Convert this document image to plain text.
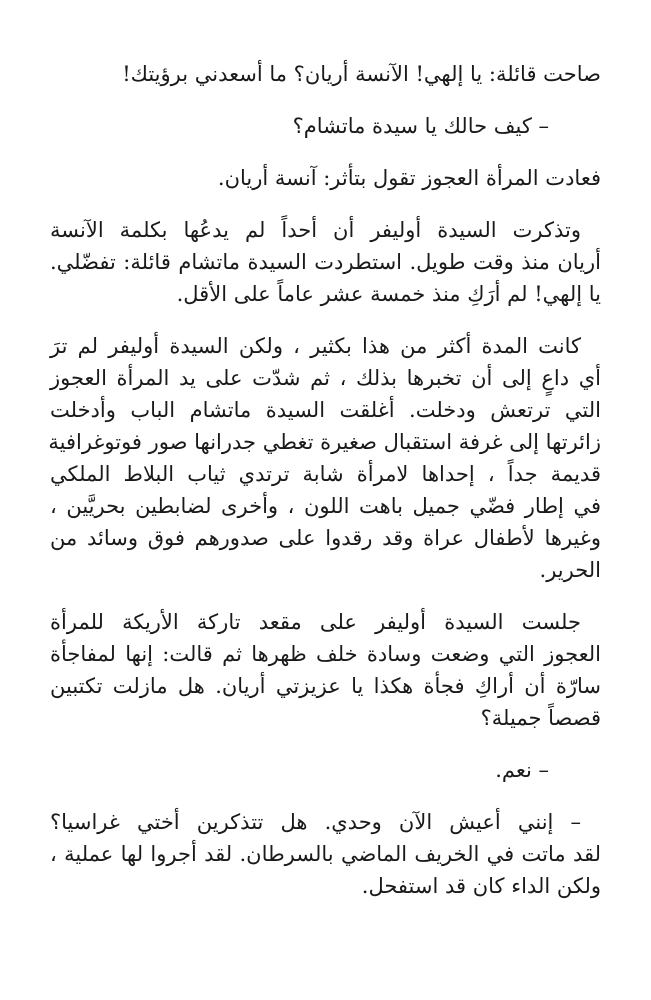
صاحت قائلة: يا إلهي! الآنسة أريان؟ ما أسعدني برؤيتك!

– كيف حالك يا سيدة ماتشام؟

فعادت المرأة العجوز تقول بتأثر: آنسة أريان.

وتذكرت السيدة أوليفر أن أحداً لم يدعُها بكلمة الآنسة
أريان منذ وقت طويل. استطردت السيدة ماتشام قائلة: تفضّلي.
يا إلهي! لم أرَكِ منذ خمسة عشر عاماً على الأقل.

كانت المدة أكثر من هذا بكثير ، ولكن السيدة أوليفر لم ترَ
أي داعٍ إلى أن تخبرها بذلك ، ثم شدّت على يد المرأة العجوز
التي ترتعش ودخلت. أغلقت السيدة ماتشام الباب وأدخلت
زائرتها إلى غرفة استقبال صغيرة تغطي جدرانها صور فوتوغرافية
قديمة جداً ، إحداها لامرأة شابة ترتدي ثياب البلاط الملكي
في إطار فضّي جميل باهت اللون ، وأخرى لضابطين بحريَّين ،
وغيرها لأطفال عراة وقد رقدوا على صدورهم فوق وسائد من
الحرير.

جلست السيدة أوليفر على مقعد تاركة الأريكة للمرأة
العجوز التي وضعت وسادة خلف ظهرها ثم قالت: إنها لمفاجأة
سارّة أن أراكِ فجأة هكذا يا عزيزتي أريان. هل مازلت تكتبين
قصصاً جميلة؟

– نعم.

– إنني أعيش الآن وحدي. هل تتذكرين أختي غراسيا؟
لقد ماتت في الخريف الماضي بالسرطان. لقد أجروا لها عملية ،
ولكن الداء كان قد استفحل.
